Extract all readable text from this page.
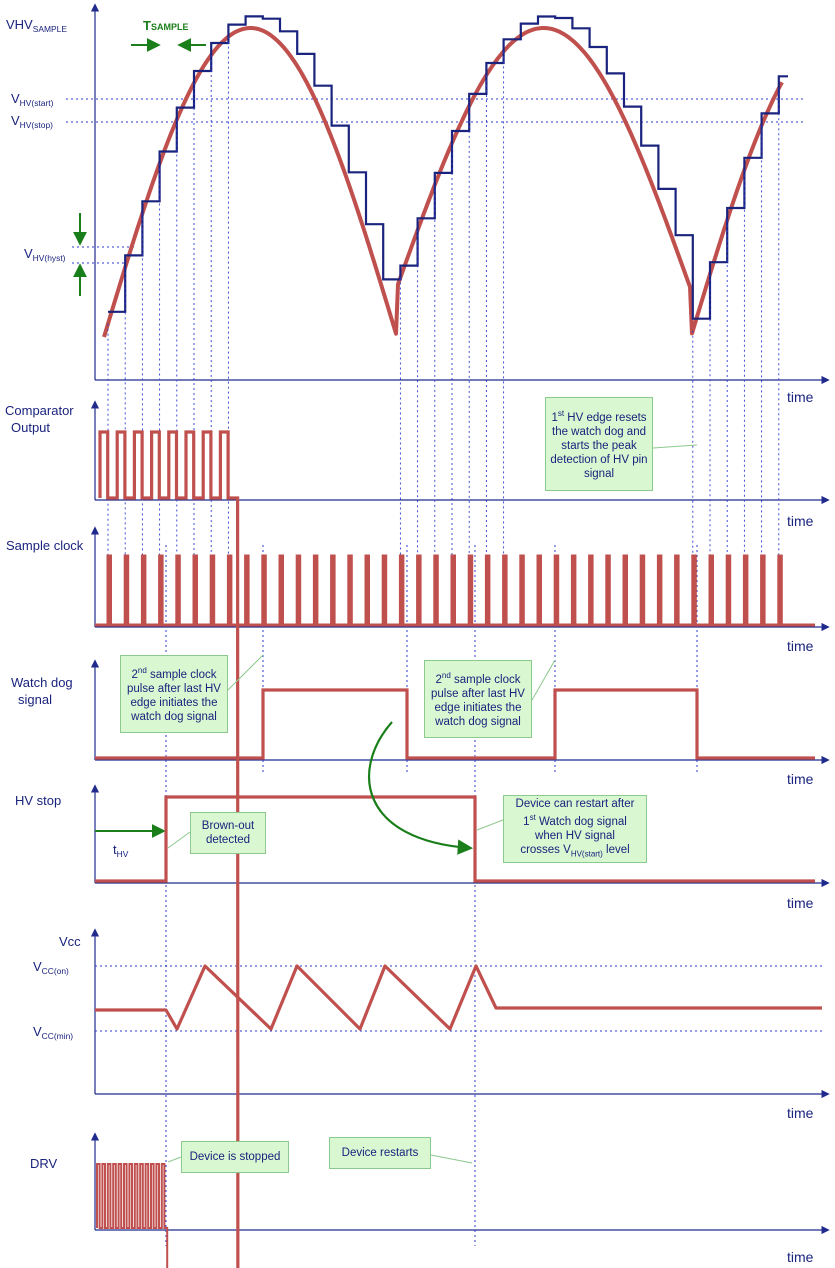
time
time
time
time
time
time
time
$VHV_{SAMPLE}$
$V_{HV(start)}$
$V_{HV(stop)}$
$V_{HV(hyst)}$
Comparator
Output
Sample clock
Watch dog
signal
HV stop
$t_{HV}$
Vcc
$V_{CC(on)}$
$V_{CC(min)}$
DRV
TSAMPLE
1st HV edge resets the watch dog and starts the peak detection of HV pin signal
2nd sample clock pulse after last HV edge initiates the watch dog signal
2nd sample clock pulse after last HV edge initiates the watch dog signal
Brown-out detected
Device can restart after
1st Watch dog signal
when HV signal
crosses $V_{HV(start)}$ level
Device is stopped	Device restarts
